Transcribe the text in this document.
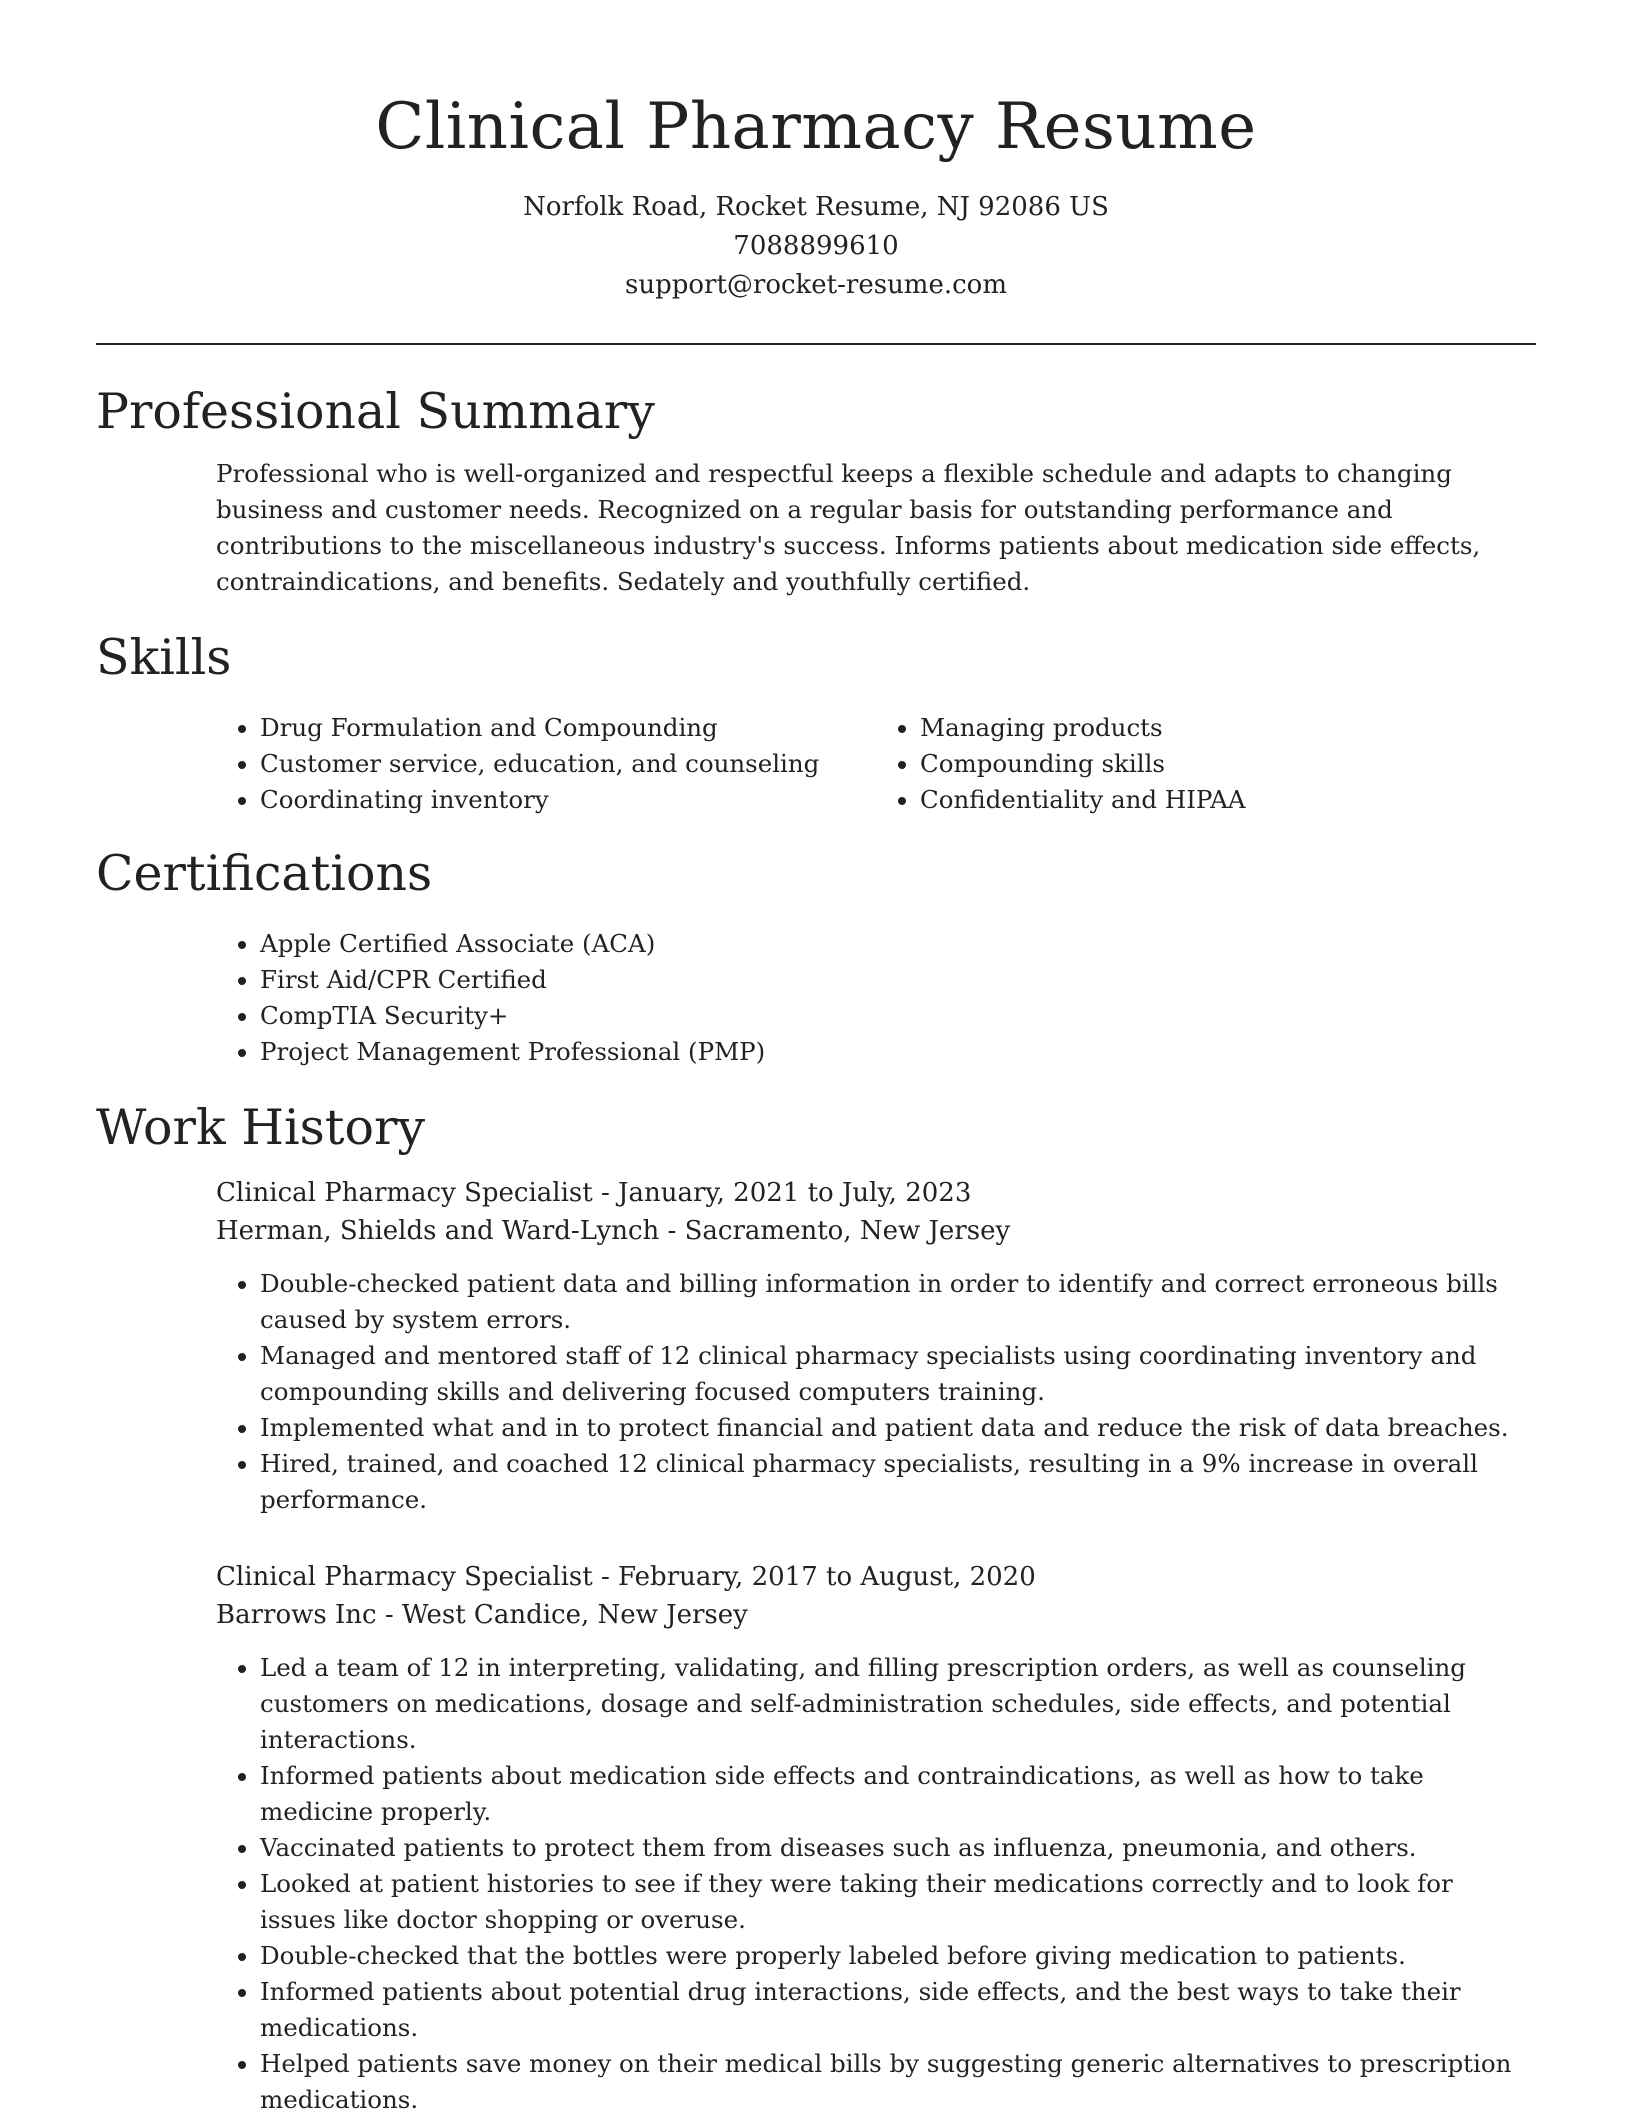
Clinical Pharmacy Resume

Norfolk Road, Rocket Resume, NJ 92086 US

7088899610

support@rocket-resume.com

Professional Summary

Professional who is well-organized and respectful keeps a flexible schedule and adapts to changing business and customer needs. Recognized on a regular basis for outstanding performance and contributions to the miscellaneous industry's success. Informs patients about medication side effects, contraindications, and benefits. Sedately and youthfully certified.

Skills
• Drug Formulation and Compounding
• Customer service, education, and counseling
• Coordinating inventory
• Managing products
• Compounding skills
• Confidentiality and HIPAA
Certifications
• Apple Certified Associate (ACA)
• First Aid/CPR Certified
• CompTIA Security+
• Project Management Professional (PMP)
Work History

Clinical Pharmacy Specialist - January, 2021 to July, 2023

Herman, Shields and Ward-Lynch - Sacramento, New Jersey

• Double-checked patient data and billing information in order to identify and correct erroneous bills caused by system errors.
• Managed and mentored staff of 12 clinical pharmacy specialists using coordinating inventory and compounding skills and delivering focused computers training.
• Implemented what and in to protect financial and patient data and reduce the risk of data breaches.
• Hired, trained, and coached 12 clinical pharmacy specialists, resulting in a 9% increase in overall performance.

Clinical Pharmacy Specialist - February, 2017 to August, 2020

Barrows Inc - West Candice, New Jersey

• Led a team of 12 in interpreting, validating, and filling prescription orders, as well as counseling customers on medications, dosage and self-administration schedules, side effects, and potential interactions.
• Informed patients about medication side effects and contraindications, as well as how to take medicine properly.
• Vaccinated patients to protect them from diseases such as influenza, pneumonia, and others.
• Looked at patient histories to see if they were taking their medications correctly and to look for issues like doctor shopping or overuse.
• Double-checked that the bottles were properly labeled before giving medication to patients.
• Informed patients about potential drug interactions, side effects, and the best ways to take their medications.
• Helped patients save money on their medical bills by suggesting generic alternatives to prescription medications.
